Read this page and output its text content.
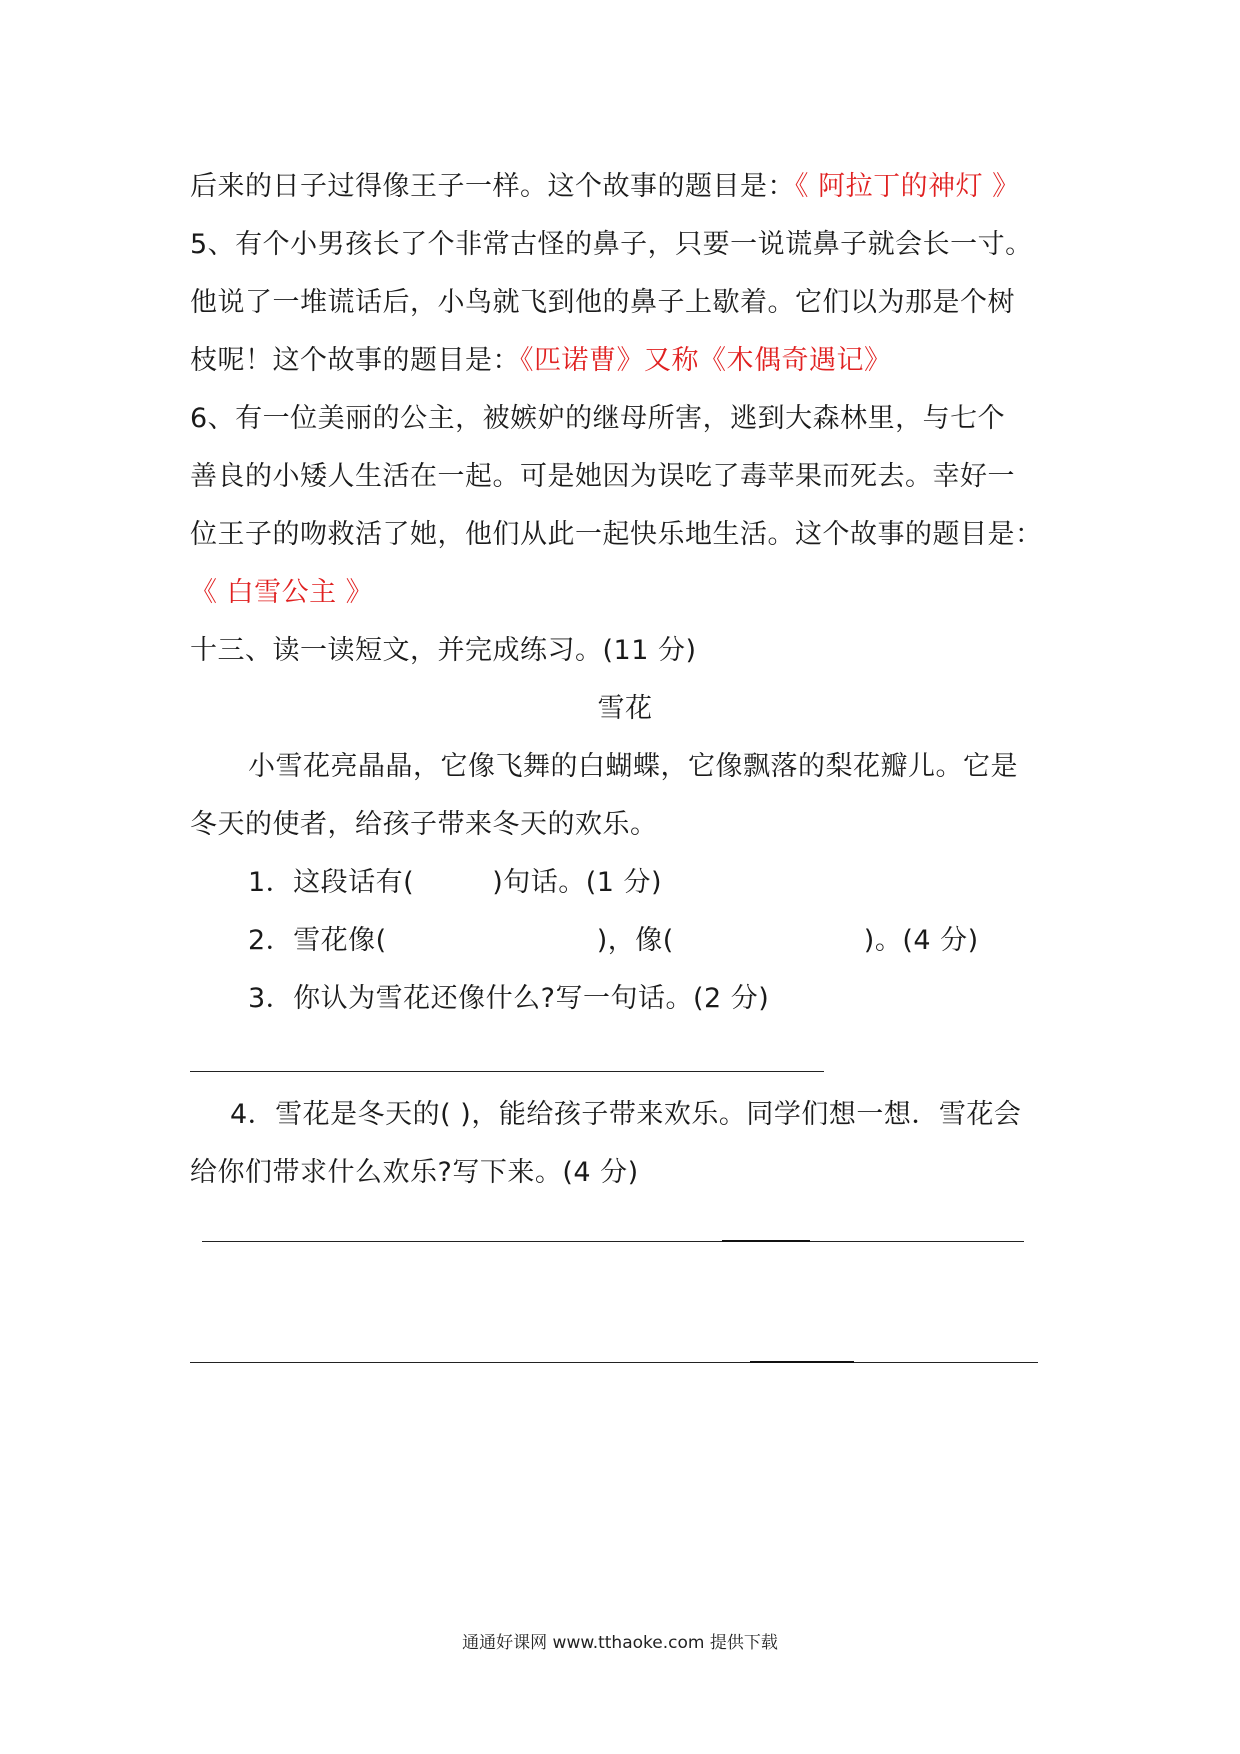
后来的日子过得像王子一样。这个故事的题目是：《 阿拉丁的神灯 》
5、有个小男孩长了个非常古怪的鼻子，只要一说谎鼻子就会长一寸。
他说了一堆谎话后，小鸟就飞到他的鼻子上歇着。它们以为那是个树
枝呢！这个故事的题目是：《匹诺曹》又称《木偶奇遇记》
6、有一位美丽的公主，被嫉妒的继母所害，逃到大森林里，与七个
善良的小矮人生活在一起。可是她因为误吃了毒苹果而死去。幸好一
位王子的吻救活了她，他们从此一起快乐地生活。这个故事的题目是：
《 白雪公主 》
十三、读一读短文，并完成练习。(11 分)
雪花
小雪花亮晶晶，它像飞舞的白蝴蝶，它像飘落的梨花瓣儿。它是
冬天的使者，给孩子带来冬天的欢乐。
1．这段话有(	)句话。(1 分)
2．雪花像(	)，像(	)。(4 分)
3．你认为雪花还像什么?写一句话。(2 分)
4．雪花是冬天的( )，能给孩子带来欢乐。同学们想一想．雪花会
给你们带求什么欢乐?写下来。(4 分)
通通好课网 www.tthaoke.com 提供下载
